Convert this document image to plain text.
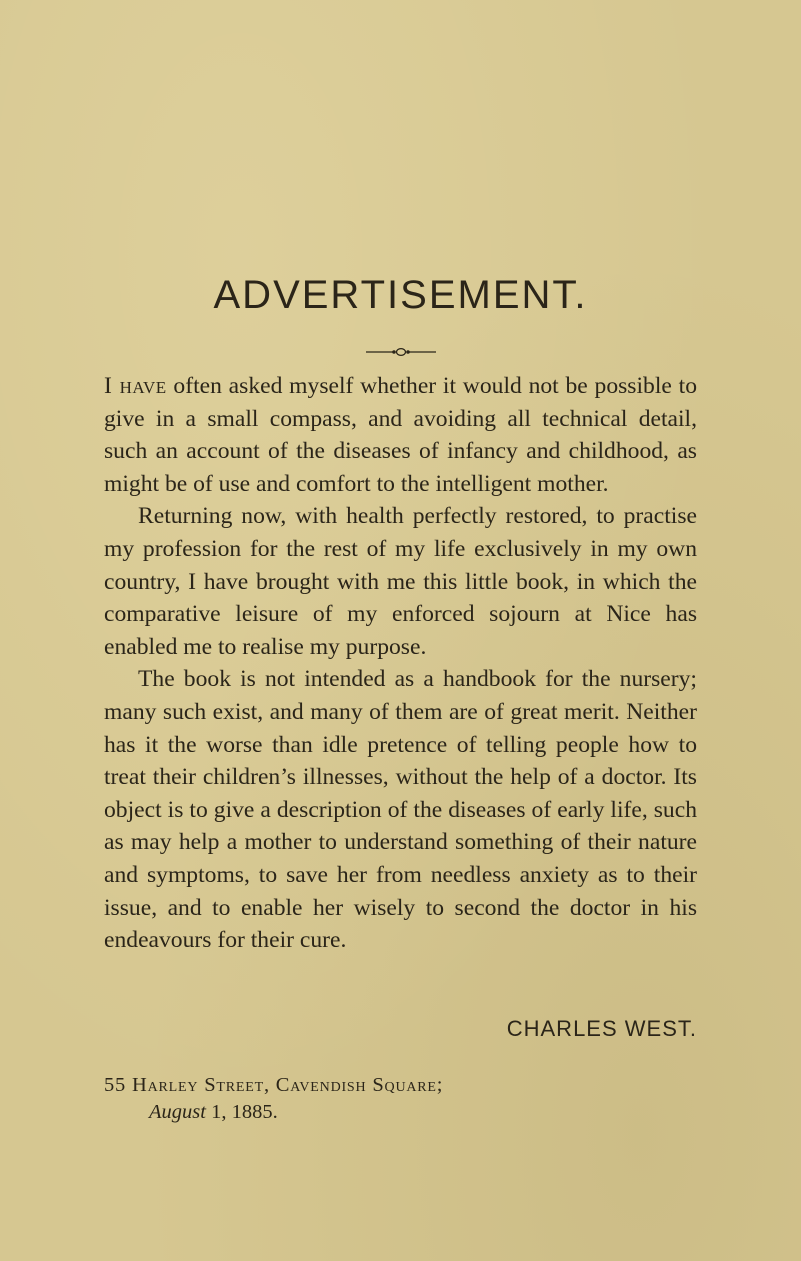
ADVERTISEMENT.

I have often asked myself whether it would not be possible to give in a small compass, and avoiding all technical detail, such an account of the diseases of infancy and childhood, as might be of use and comfort to the intelligent mother.

Returning now, with health perfectly restored, to practise my profession for the rest of my life exclusively in my own country, I have brought with me this little book, in which the comparative leisure of my enforced sojourn at Nice has enabled me to realise my purpose.

The book is not intended as a handbook for the nursery; many such exist, and many of them are of great merit. Neither has it the worse than idle pretence of telling people how to treat their children’s illnesses, without the help of a doctor. Its object is to give a description of the diseases of early life, such as may help a mother to understand something of their nature and symptoms, to save her from needless anxiety as to their issue, and to enable her wisely to second the doctor in his endeavours for their cure.

CHARLES WEST.
55 Harley Street, Cavendish Square;
August 1, 1885.
